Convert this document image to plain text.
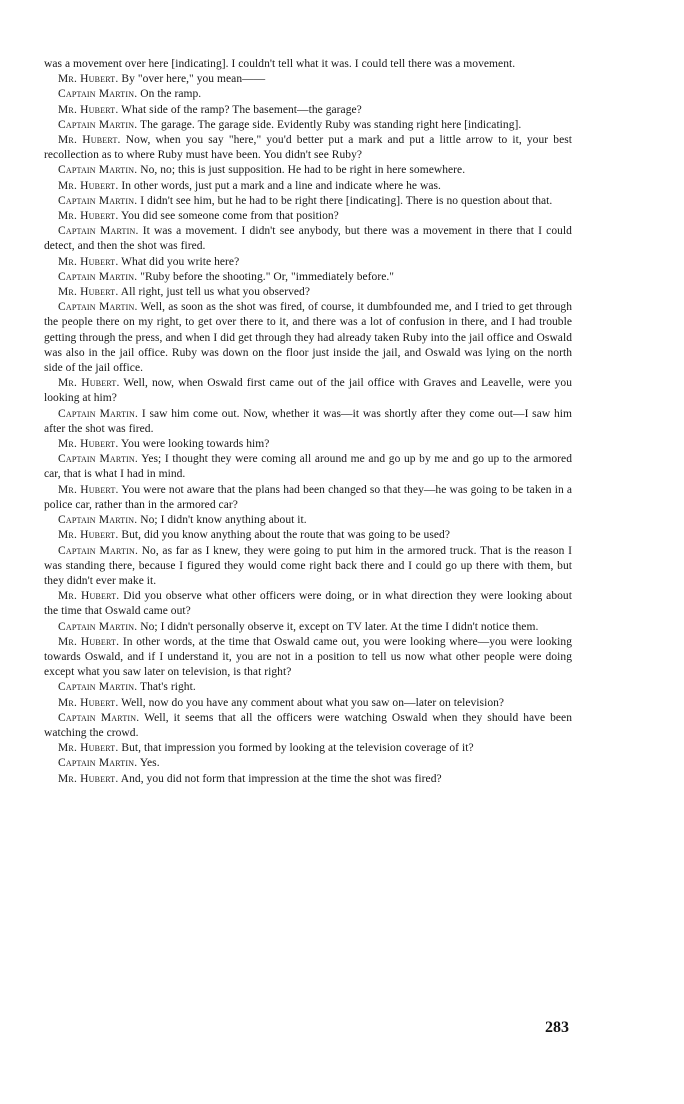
was a movement over here [indicating]. I couldn't tell what it was. I could tell there was a movement.

Mr. Hubert. By "over here," you mean——

Captain Martin. On the ramp.

Mr. Hubert. What side of the ramp? The basement—the garage?

Captain Martin. The garage. The garage side. Evidently Ruby was standing right here [indicating].

Mr. Hubert. Now, when you say "here," you'd better put a mark and put a little arrow to it, your best recollection as to where Ruby must have been. You didn't see Ruby?

Captain Martin. No, no; this is just supposition. He had to be right in here somewhere.

Mr. Hubert. In other words, just put a mark and a line and indicate where he was.

Captain Martin. I didn't see him, but he had to be right there [indicating]. There is no question about that.

Mr. Hubert. You did see someone come from that position?

Captain Martin. It was a movement. I didn't see anybody, but there was a movement in there that I could detect, and then the shot was fired.

Mr. Hubert. What did you write here?

Captain Martin. "Ruby before the shooting." Or, "immediately before."

Mr. Hubert. All right, just tell us what you observed?

Captain Martin. Well, as soon as the shot was fired, of course, it dumbfounded me, and I tried to get through the people there on my right, to get over there to it, and there was a lot of confusion in there, and I had trouble getting through the press, and when I did get through they had already taken Ruby into the jail office and Oswald was also in the jail office. Ruby was down on the floor just inside the jail, and Oswald was lying on the north side of the jail office.

Mr. Hubert. Well, now, when Oswald first came out of the jail office with Graves and Leavelle, were you looking at him?

Captain Martin. I saw him come out. Now, whether it was—it was shortly after they come out—I saw him after the shot was fired.

Mr. Hubert. You were looking towards him?

Captain Martin. Yes; I thought they were coming all around me and go up by me and go up to the armored car, that is what I had in mind.

Mr. Hubert. You were not aware that the plans had been changed so that they—he was going to be taken in a police car, rather than in the armored car?

Captain Martin. No; I didn't know anything about it.

Mr. Hubert. But, did you know anything about the route that was going to be used?

Captain Martin. No, as far as I knew, they were going to put him in the armored truck. That is the reason I was standing there, because I figured they would come right back there and I could go up there with them, but they didn't ever make it.

Mr. Hubert. Did you observe what other officers were doing, or in what direction they were looking about the time that Oswald came out?

Captain Martin. No; I didn't personally observe it, except on TV later. At the time I didn't notice them.

Mr. Hubert. In other words, at the time that Oswald came out, you were looking where—you were looking towards Oswald, and if I understand it, you are not in a position to tell us now what other people were doing except what you saw later on television, is that right?

Captain Martin. That's right.

Mr. Hubert. Well, now do you have any comment about what you saw on—later on television?

Captain Martin. Well, it seems that all the officers were watching Oswald when they should have been watching the crowd.

Mr. Hubert. But, that impression you formed by looking at the television coverage of it?

Captain Martin. Yes.

Mr. Hubert. And, you did not form that impression at the time the shot was fired?

283
